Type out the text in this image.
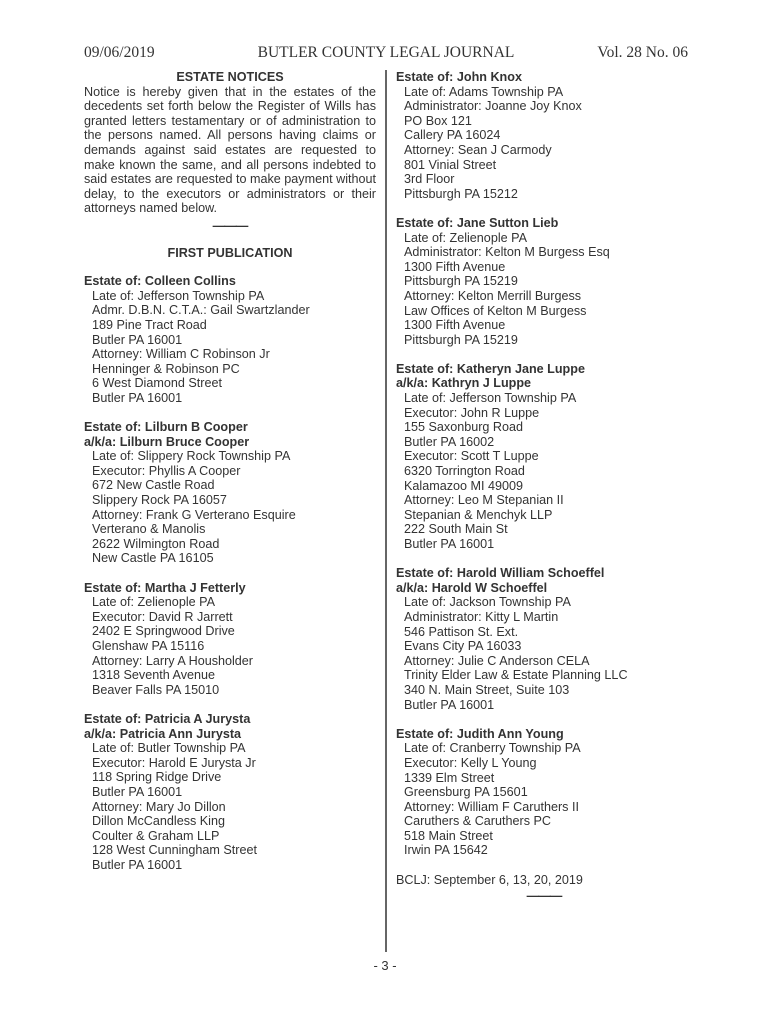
09/06/2019	BUTLER COUNTY LEGAL JOURNAL	Vol. 28 No. 06
ESTATE NOTICES

Notice is hereby given that in the estates of the decedents set forth below the Register of Wills has granted letters testamentary or of administration to the persons named. All persons having claims or demands against said estates are requested to make known the same, and all persons indebted to said estates are requested to make payment without delay, to the executors or administrators or their attorneys named below.

———
FIRST PUBLICATION
Estate of: Colleen Collins
Late of: Jefferson Township PA
Admr. D.B.N. C.T.A.: Gail Swartzlander
189 Pine Tract Road
Butler PA 16001
Attorney: William C Robinson Jr
Henninger & Robinson PC
6 West Diamond Street
Butler PA 16001
Estate of: Lilburn B Cooper
a/k/a: Lilburn Bruce Cooper
Late of: Slippery Rock Township PA
Executor: Phyllis A Cooper
672 New Castle Road
Slippery Rock PA 16057
Attorney: Frank G Verterano Esquire
Verterano & Manolis
2622 Wilmington Road
New Castle PA 16105
Estate of: Martha J Fetterly
Late of: Zelienople PA
Executor: David R Jarrett
2402 E Springwood Drive
Glenshaw PA 15116
Attorney: Larry A Housholder
1318 Seventh Avenue
Beaver Falls PA 15010
Estate of: Patricia A Jurysta
a/k/a: Patricia Ann Jurysta
Late of: Butler Township PA
Executor: Harold E Jurysta Jr
118 Spring Ridge Drive
Butler PA 16001
Attorney: Mary Jo Dillon
Dillon McCandless King
Coulter & Graham LLP
128 West Cunningham Street
Butler PA 16001
Estate of: John Knox
Late of: Adams Township PA
Administrator: Joanne Joy Knox
PO Box 121
Callery PA 16024
Attorney: Sean J Carmody
801 Vinial Street
3rd Floor
Pittsburgh PA 15212
Estate of: Jane Sutton Lieb
Late of: Zelienople PA
Administrator: Kelton M Burgess Esq
1300 Fifth Avenue
Pittsburgh PA 15219
Attorney: Kelton Merrill Burgess
Law Offices of Kelton M Burgess
1300 Fifth Avenue
Pittsburgh PA 15219
Estate of: Katheryn Jane Luppe
a/k/a: Kathryn J Luppe
Late of: Jefferson Township PA
Executor: John R Luppe
155 Saxonburg Road
Butler PA 16002
Executor: Scott T Luppe
6320 Torrington Road
Kalamazoo MI 49009
Attorney: Leo M Stepanian II
Stepanian & Menchyk LLP
222 South Main St
Butler PA 16001
Estate of: Harold William Schoeffel
a/k/a: Harold W Schoeffel
Late of: Jackson Township PA
Administrator: Kitty L Martin
546 Pattison St. Ext.
Evans City PA 16033
Attorney: Julie C Anderson CELA
Trinity Elder Law & Estate Planning LLC
340 N. Main Street, Suite 103
Butler PA 16001
Estate of: Judith Ann Young
Late of: Cranberry Township PA
Executor: Kelly L Young
1339 Elm Street
Greensburg PA 15601
Attorney: William F Caruthers II
Caruthers & Caruthers PC
518 Main Street
Irwin PA 15642
BCLJ: September 6, 13, 20, 2019
———
- 3 -
